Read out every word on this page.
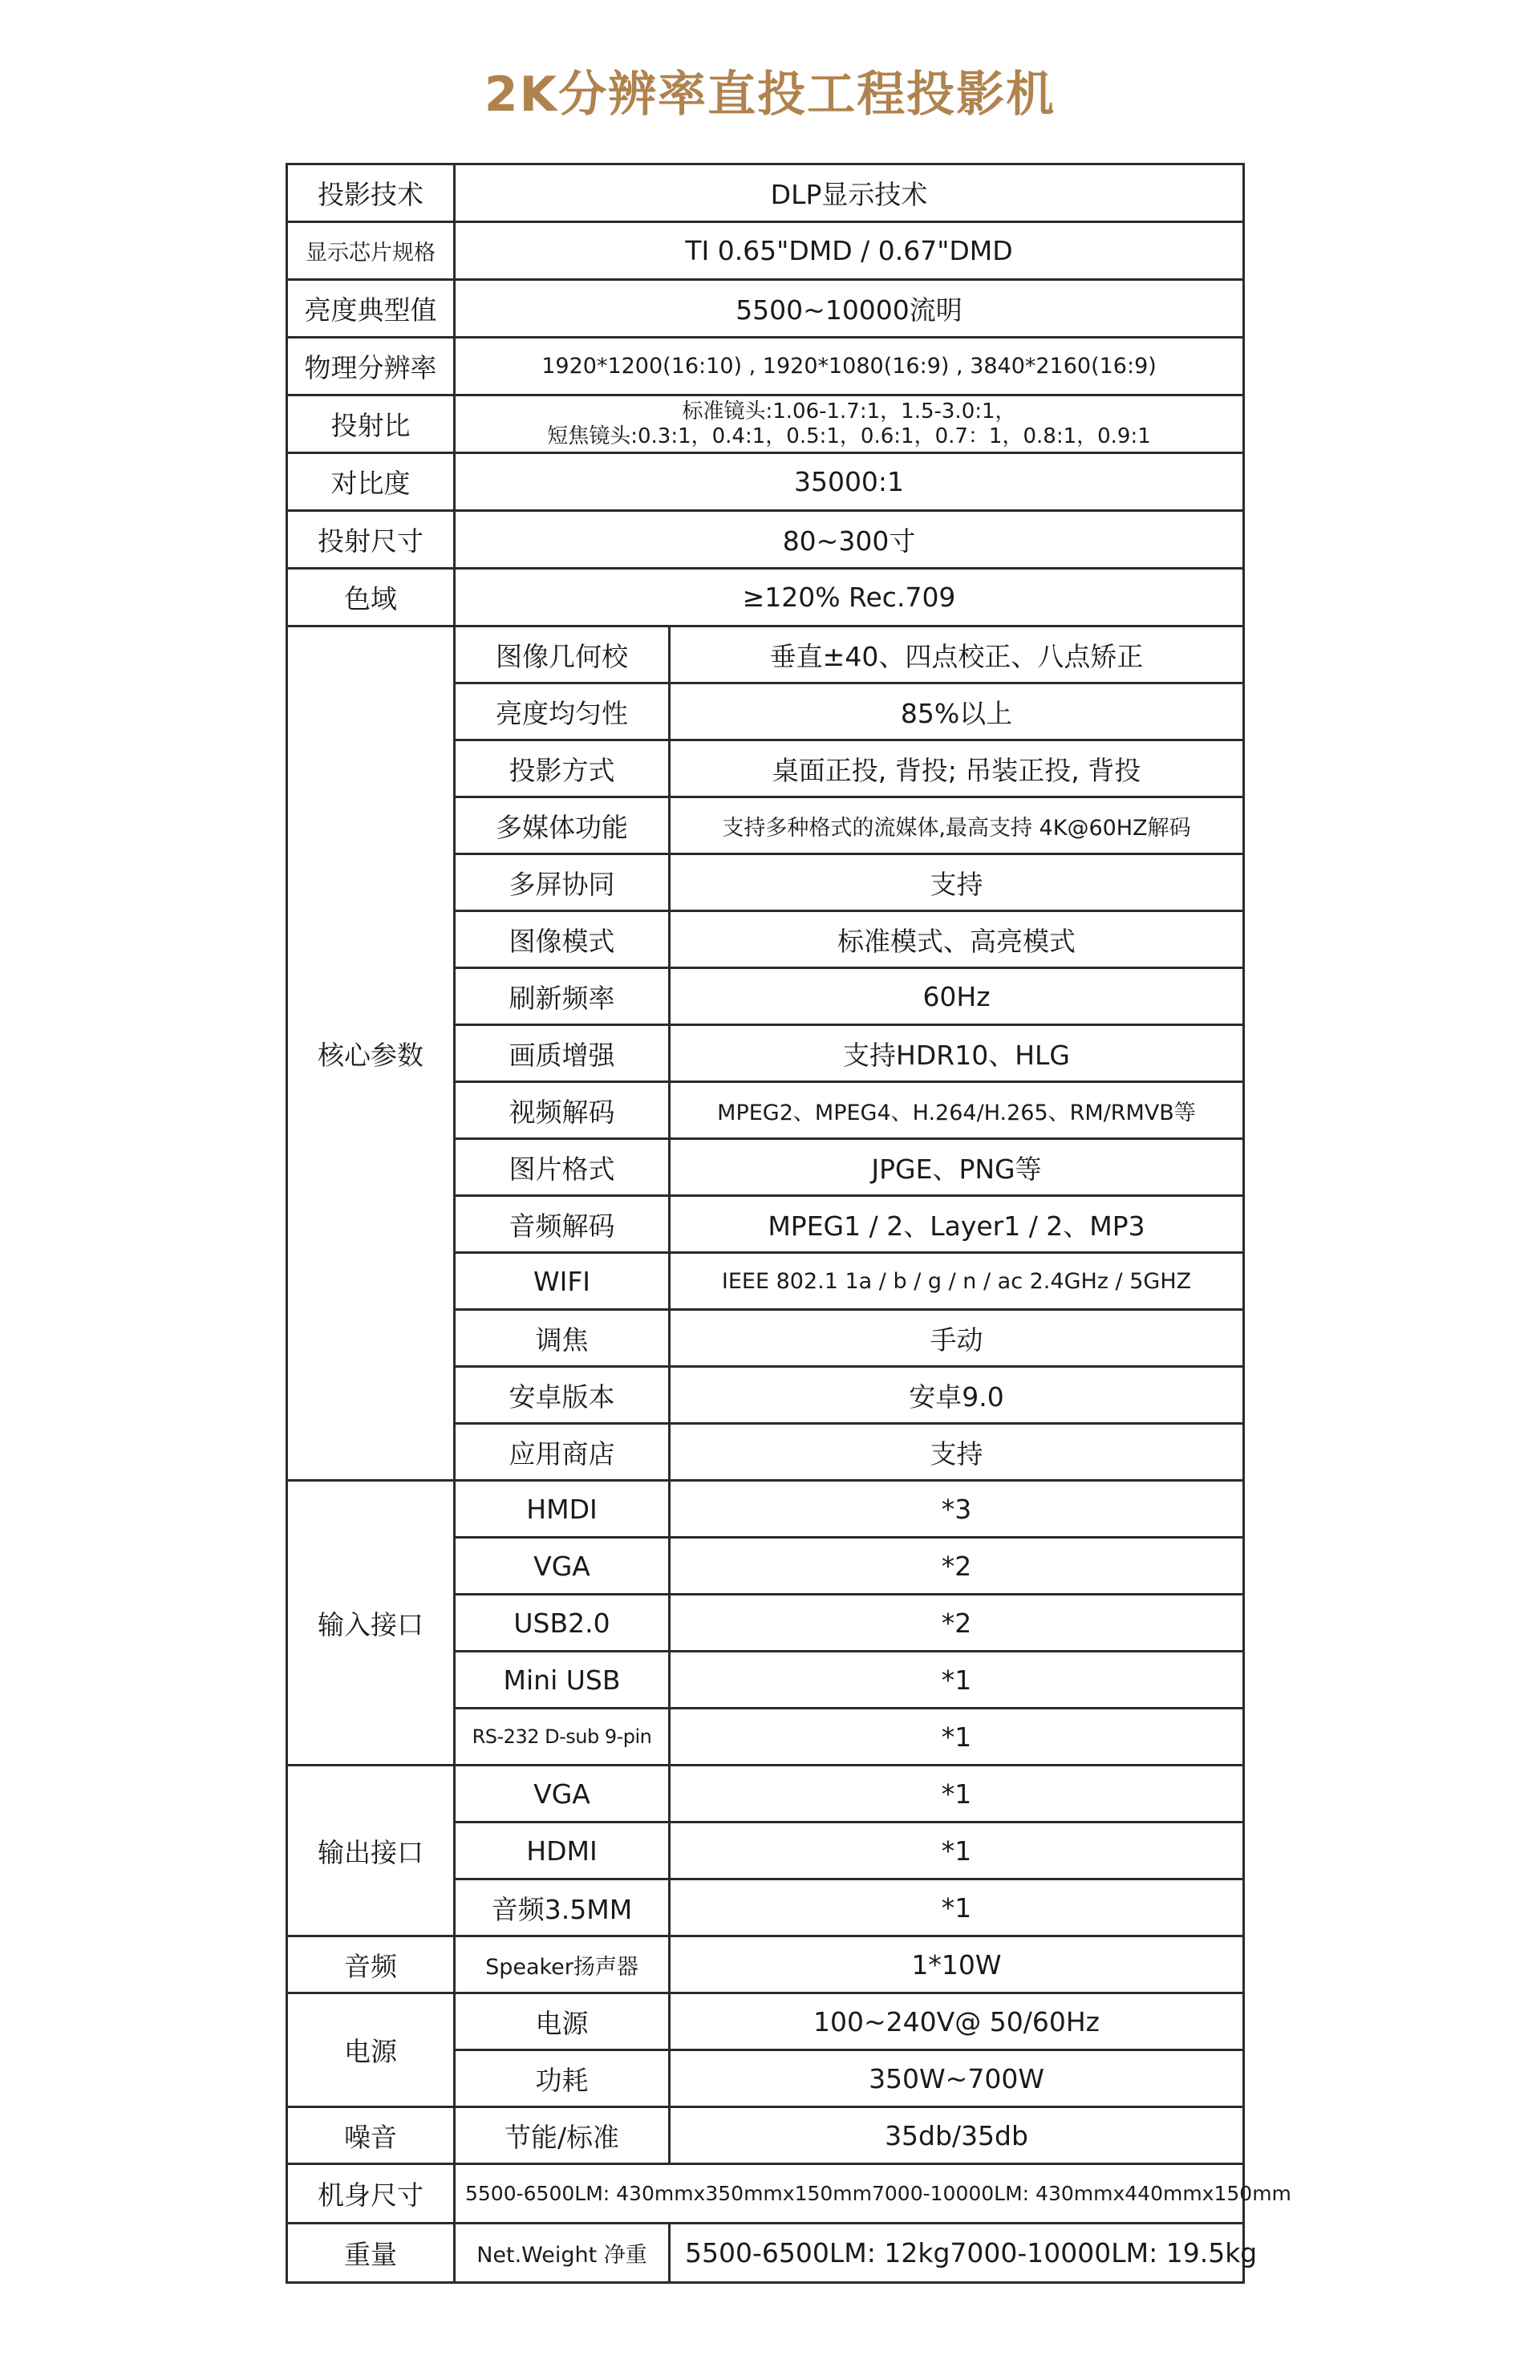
2K分辨率直投工程投影机
投影技术	DLP显示技术	
显示芯片规格	TI 0.65"DMD / 0.67"DMD	
亮度典型值	5500~10000流明	
物理分辨率	1920*1200(16:10) , 1920*1080(16:9) , 3840*2160(16:9)	
投射比	标准镜头:1.06-1.7:1，1.5-3.0:1，
短焦镜头:0.3:1，0.4:1，0.5:1，0.6:1，0.7：1，0.8:1，0.9:1	

对比度	35000:1	
投射尺寸	80~300寸	
色域	≥120% Rec.709	
核心参数	图像几何校	垂直±40、四点校正、八点矫正
	亮度均匀性	85%以上
	投影方式	桌面正投, 背投; 吊装正投, 背投
	多媒体功能	支持多种格式的流媒体,最高支持 4K@60HZ解码
	多屏协同	支持
	图像模式	标准模式、高亮模式
	刷新频率	60Hz
	画质增强	支持HDR10、HLG
	视频解码	MPEG2、MPEG4、H.264/H.265、RM/RMVB等
	图片格式	JPGE、PNG等
	音频解码	MPEG1 / 2、Layer1 / 2、MP3
	WIFI	IEEE 802.1 1a / b / g / n / ac 2.4GHz / 5GHZ
	调焦	手动
	安卓版本	安卓9.0
	应用商店	支持
输入接口	HMDI	*3
	VGA	*2
	USB2.0	*2
	Mini USB	*1
	RS-232 D-sub 9-pin	*1
输出接口	VGA	*1
	HDMI	*1
	音频3.5MM	*1
音频	Speaker扬声器	1*10W
电源	电源	100~240V@ 50/60Hz
	功耗	350W~700W
噪音	节能/标准	35db/35db
机身尺寸	5500-6500LM: 430mmx350mmx150mm 7000-10000LM: 430mmx440mmx150mm	

重量	Net.Weight 净重	5500-6500LM: 12kg 7000-10000LM: 19.5kg
